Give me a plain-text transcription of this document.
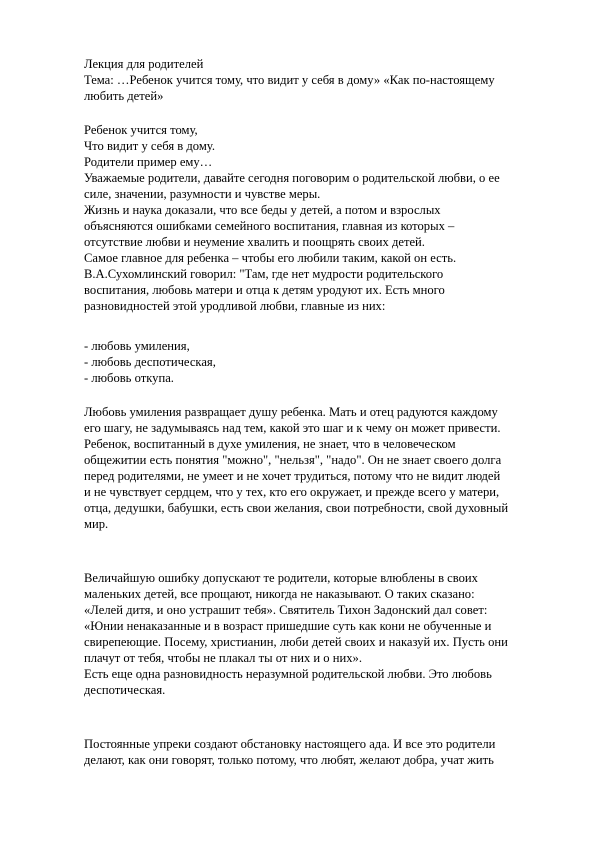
Лекция для родителей
Тема: …Ребенок учится тому, что видит у себя в дому» «Как по-настоящему
любить детей»
Ребенок учится тому,
Что видит у себя в дому.
Родители пример ему…
Уважаемые родители, давайте сегодня поговорим о родительской любви, о ее
силе, значении, разумности и чувстве меры.
Жизнь и наука доказали, что все беды у детей, а потом и взрослых
объясняются ошибками семейного воспитания, главная из которых –
отсутствие любви и неумение хвалить и поощрять своих детей.
Самое главное для ребенка – чтобы его любили таким, какой он есть.
В.А.Сухомлинский говорил: "Там, где нет мудрости родительского
воспитания, любовь матери и отца к детям уродуют их. Есть много
разновидностей этой уродливой любви, главные из них:
- любовь умиления,
- любовь деспотическая,
- любовь откупа.
Любовь умиления развращает душу ребенка. Мать и отец радуются каждому
его шагу, не задумываясь над тем, какой это шаг и к чему он может привести.
Ребенок, воспитанный в духе умиления, не знает, что в человеческом
общежитии есть понятия "можно", "нельзя", "надо". Он не знает своего долга
перед родителями, не умеет и не хочет трудиться, потому что не видит людей
и не чувствует сердцем, что у тех, кто его окружает, и прежде всего у матери,
отца, дедушки, бабушки, есть свои желания, свои потребности, свой духовный
мир.
Величайшую ошибку допускают те родители, которые влюблены в своих
маленьких детей, все прощают, никогда не наказывают. О таких сказано:
«Лелей дитя, и оно устрашит тебя». Святитель Тихон Задонский дал совет:
«Юнии ненаказанные и в возраст пришедшие суть как кони не обученные и
свирепеющие. Посему, христианин, люби детей своих и наказуй их. Пусть они
плачут от тебя, чтобы не плакал ты от них и о них».
Есть еще одна разновидность неразумной родительской любви. Это любовь
деспотическая.
Постоянные упреки создают обстановку настоящего ада. И все это родители
делают, как они говорят, только потому, что любят, желают добра, учат жить
